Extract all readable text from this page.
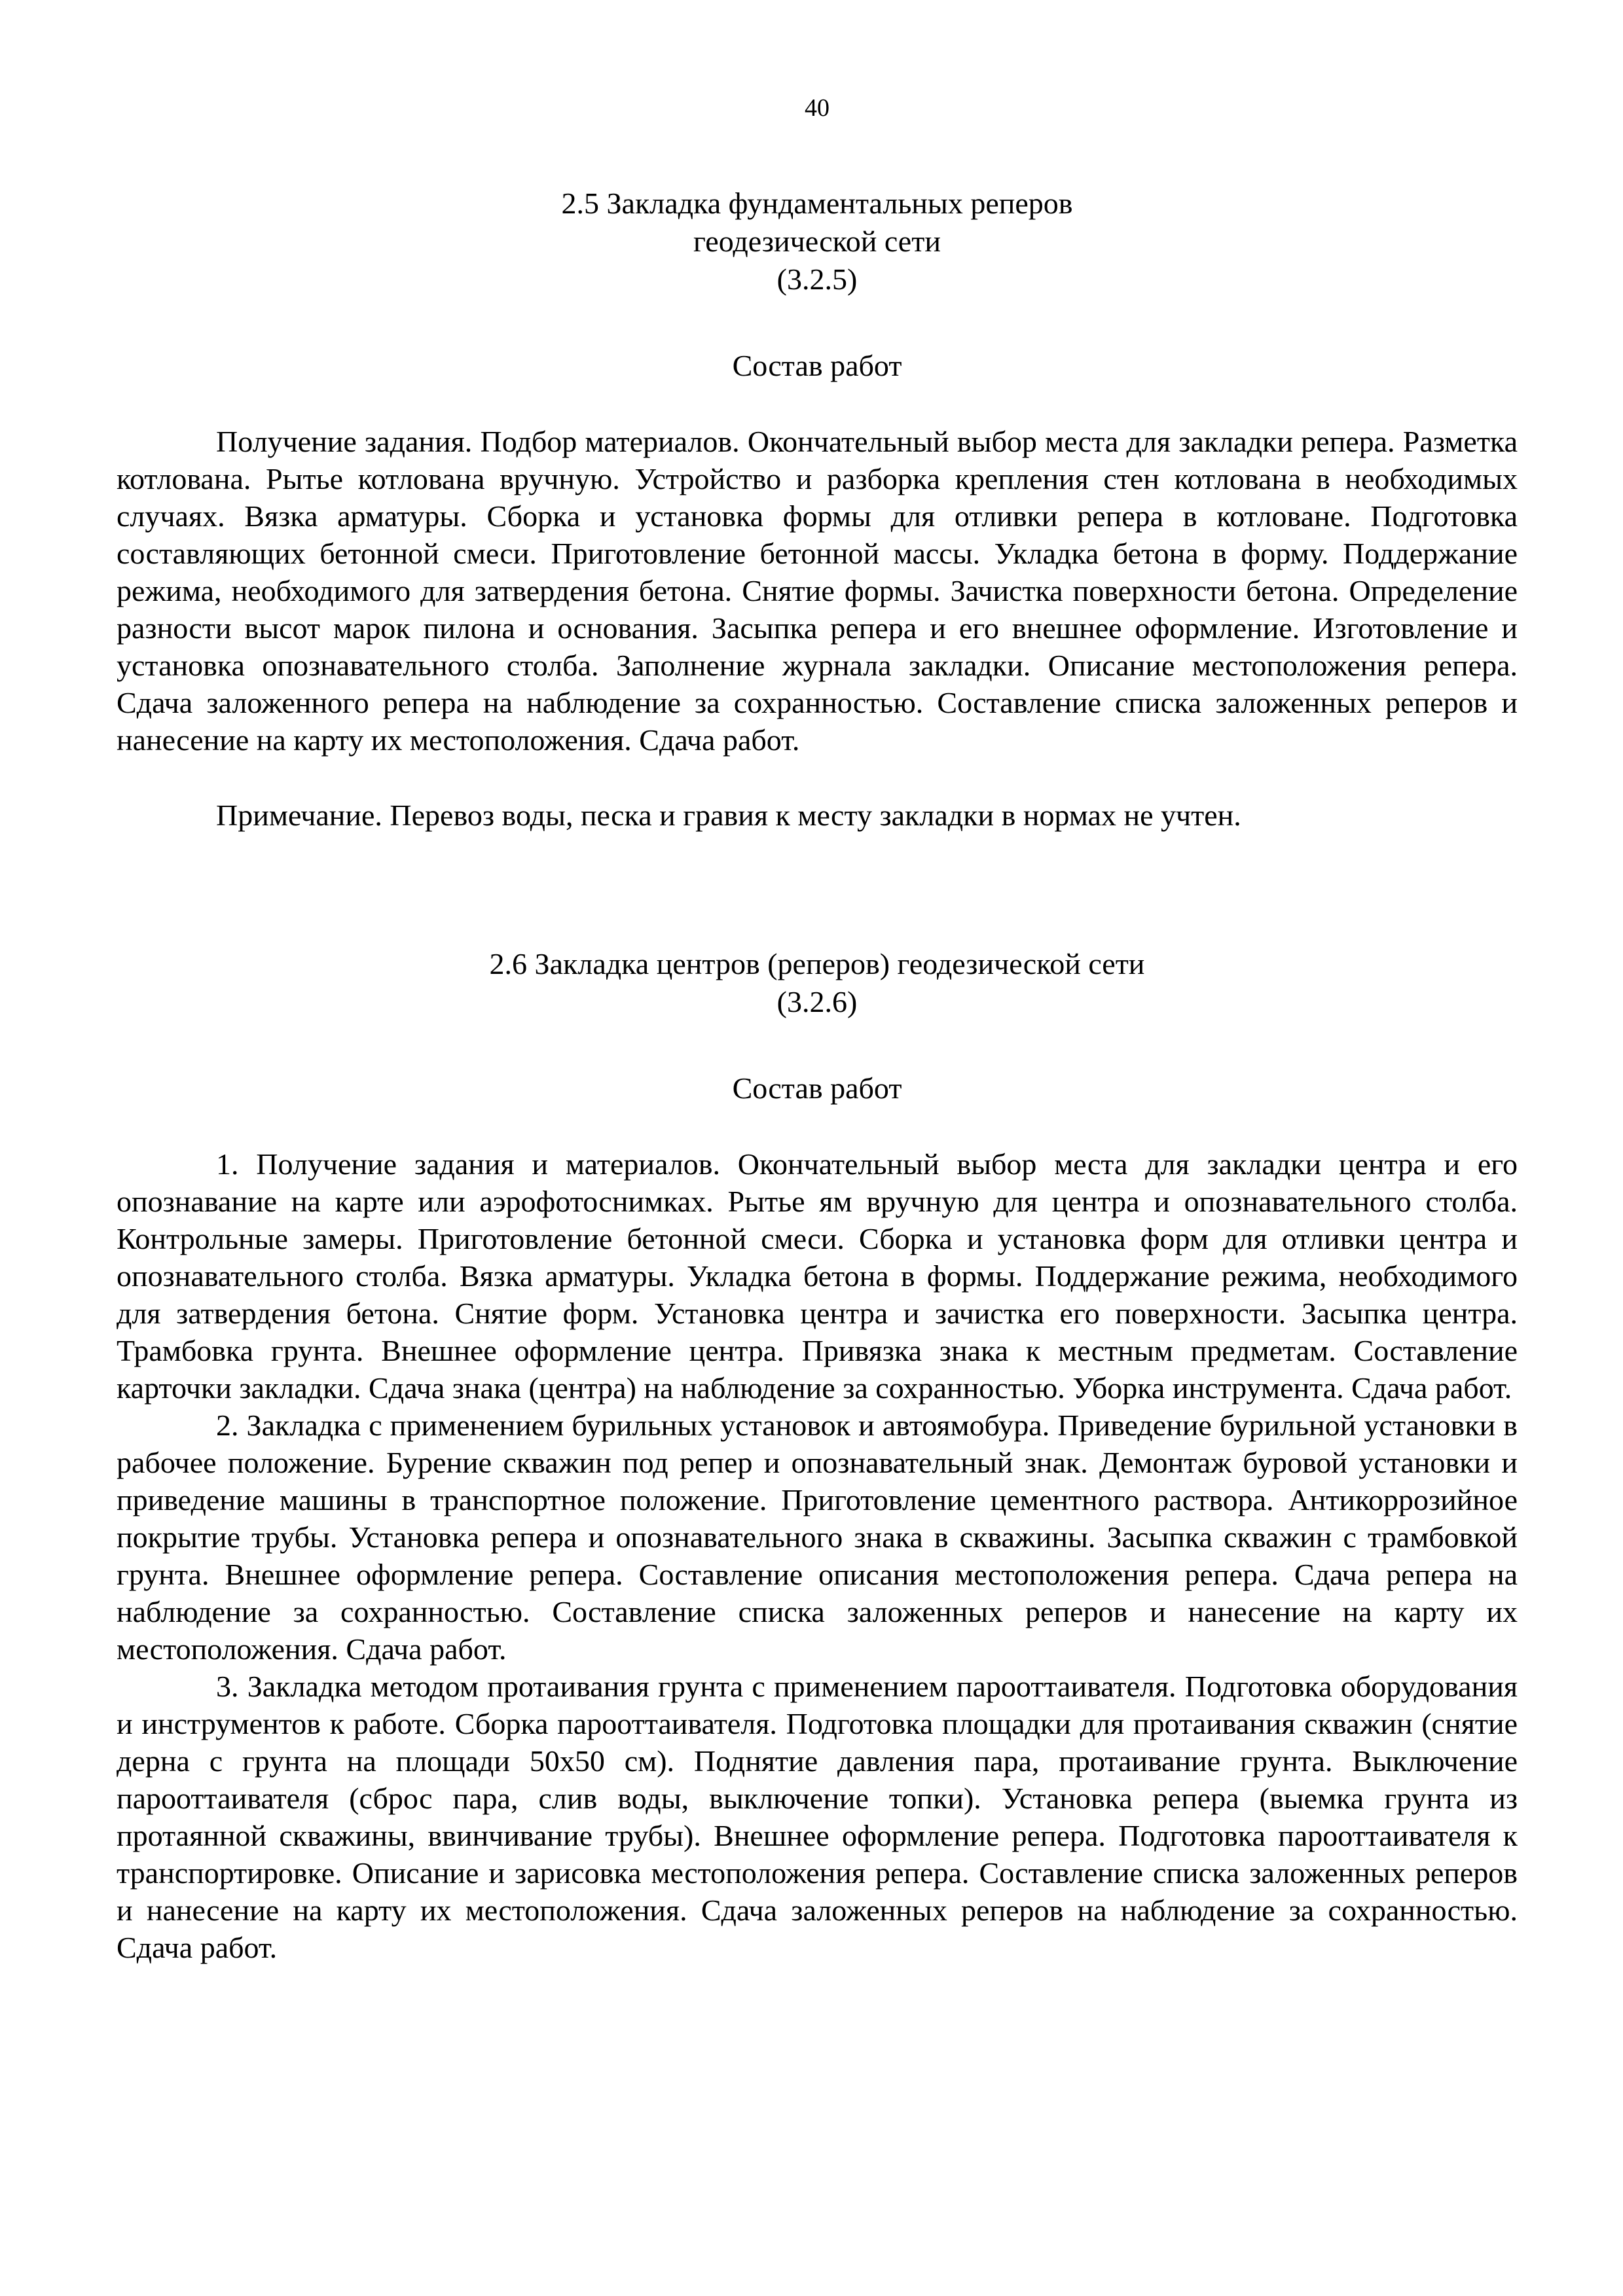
40
2.5 Закладка фундаментальных реперов
геодезической сети
(3.2.5)
Состав работ

Получение задания. Подбор материалов. Окончательный выбор места для закладки репера. Разметка котлована. Рытье котлована вручную. Устройство и разборка крепления стен котлована в необходимых случаях. Вязка арматуры. Сборка и установка формы для отливки репера в котловане. Подготовка составляющих бетонной смеси. Приготовление бетонной массы. Укладка бетона в форму. Поддержание режима, необходимого для затвердения бетона. Снятие формы. Зачистка поверхности бетона. Определение разности высот марок пилона и основания. Засыпка репера и его внешнее оформление. Изготовление и установка опознавательного столба. Заполнение журнала закладки. Описание местоположения репера. Сдача заложенного репера на наблюдение за сохранностью. Составление списка заложенных реперов и нанесение на карту их местоположения. Сдача работ.

Примечание. Перевоз воды, песка и гравия к месту закладки в нормах не учтен.

2.6 Закладка центров (реперов) геодезической сети
(3.2.6)
Состав работ

1. Получение задания и материалов. Окончательный выбор места для закладки центра и его опознавание на карте или аэрофотоснимках. Рытье ям вручную для центра и опознавательного столба. Контрольные замеры. Приготовление бетонной смеси. Сборка и установка форм для отливки центра и опознавательного столба. Вязка арматуры. Укладка бетона в формы. Поддержание режима, необходимого для затвердения бетона. Снятие форм. Установка центра и зачистка его поверхности. Засыпка центра. Трамбовка грунта. Внешнее оформление центра. Привязка знака к местным предметам. Составление карточки закладки. Сдача знака (центра) на наблюдение за сохранностью. Уборка инструмента. Сдача работ.

2. Закладка с применением бурильных установок и автоямобура. Приведение бурильной установки в рабочее положение. Бурение скважин под репер и опознавательный знак. Демонтаж буровой установки и приведение машины в транспортное положение. Приготовление цементного раствора. Антикоррозийное покрытие трубы. Установка репера и опознавательного знака в скважины. Засыпка скважин с трамбовкой грунта. Внешнее оформление репера. Составление описания местоположения репера. Сдача репера на наблюдение за сохранностью. Составление списка заложенных реперов и нанесение на карту их местоположения. Сдача работ.

3. Закладка методом протаивания грунта с применением парооттаивателя. Подготовка оборудования и инструментов к работе. Сборка парооттаивателя. Подготовка площадки для протаивания скважин (снятие дерна с грунта на площади 50х50 см). Поднятие давления пара, протаивание грунта. Выключение парооттаивателя (сброс пара, слив воды, выключение топки). Установка репера (выемка грунта из протаянной скважины, ввинчивание трубы). Внешнее оформление репера. Подготовка парооттаивателя к транспортировке. Описание и зарисовка местоположения репера. Составление списка заложенных реперов и нанесение на карту их местоположения. Сдача заложенных реперов на наблюдение за сохранностью. Сдача работ.
